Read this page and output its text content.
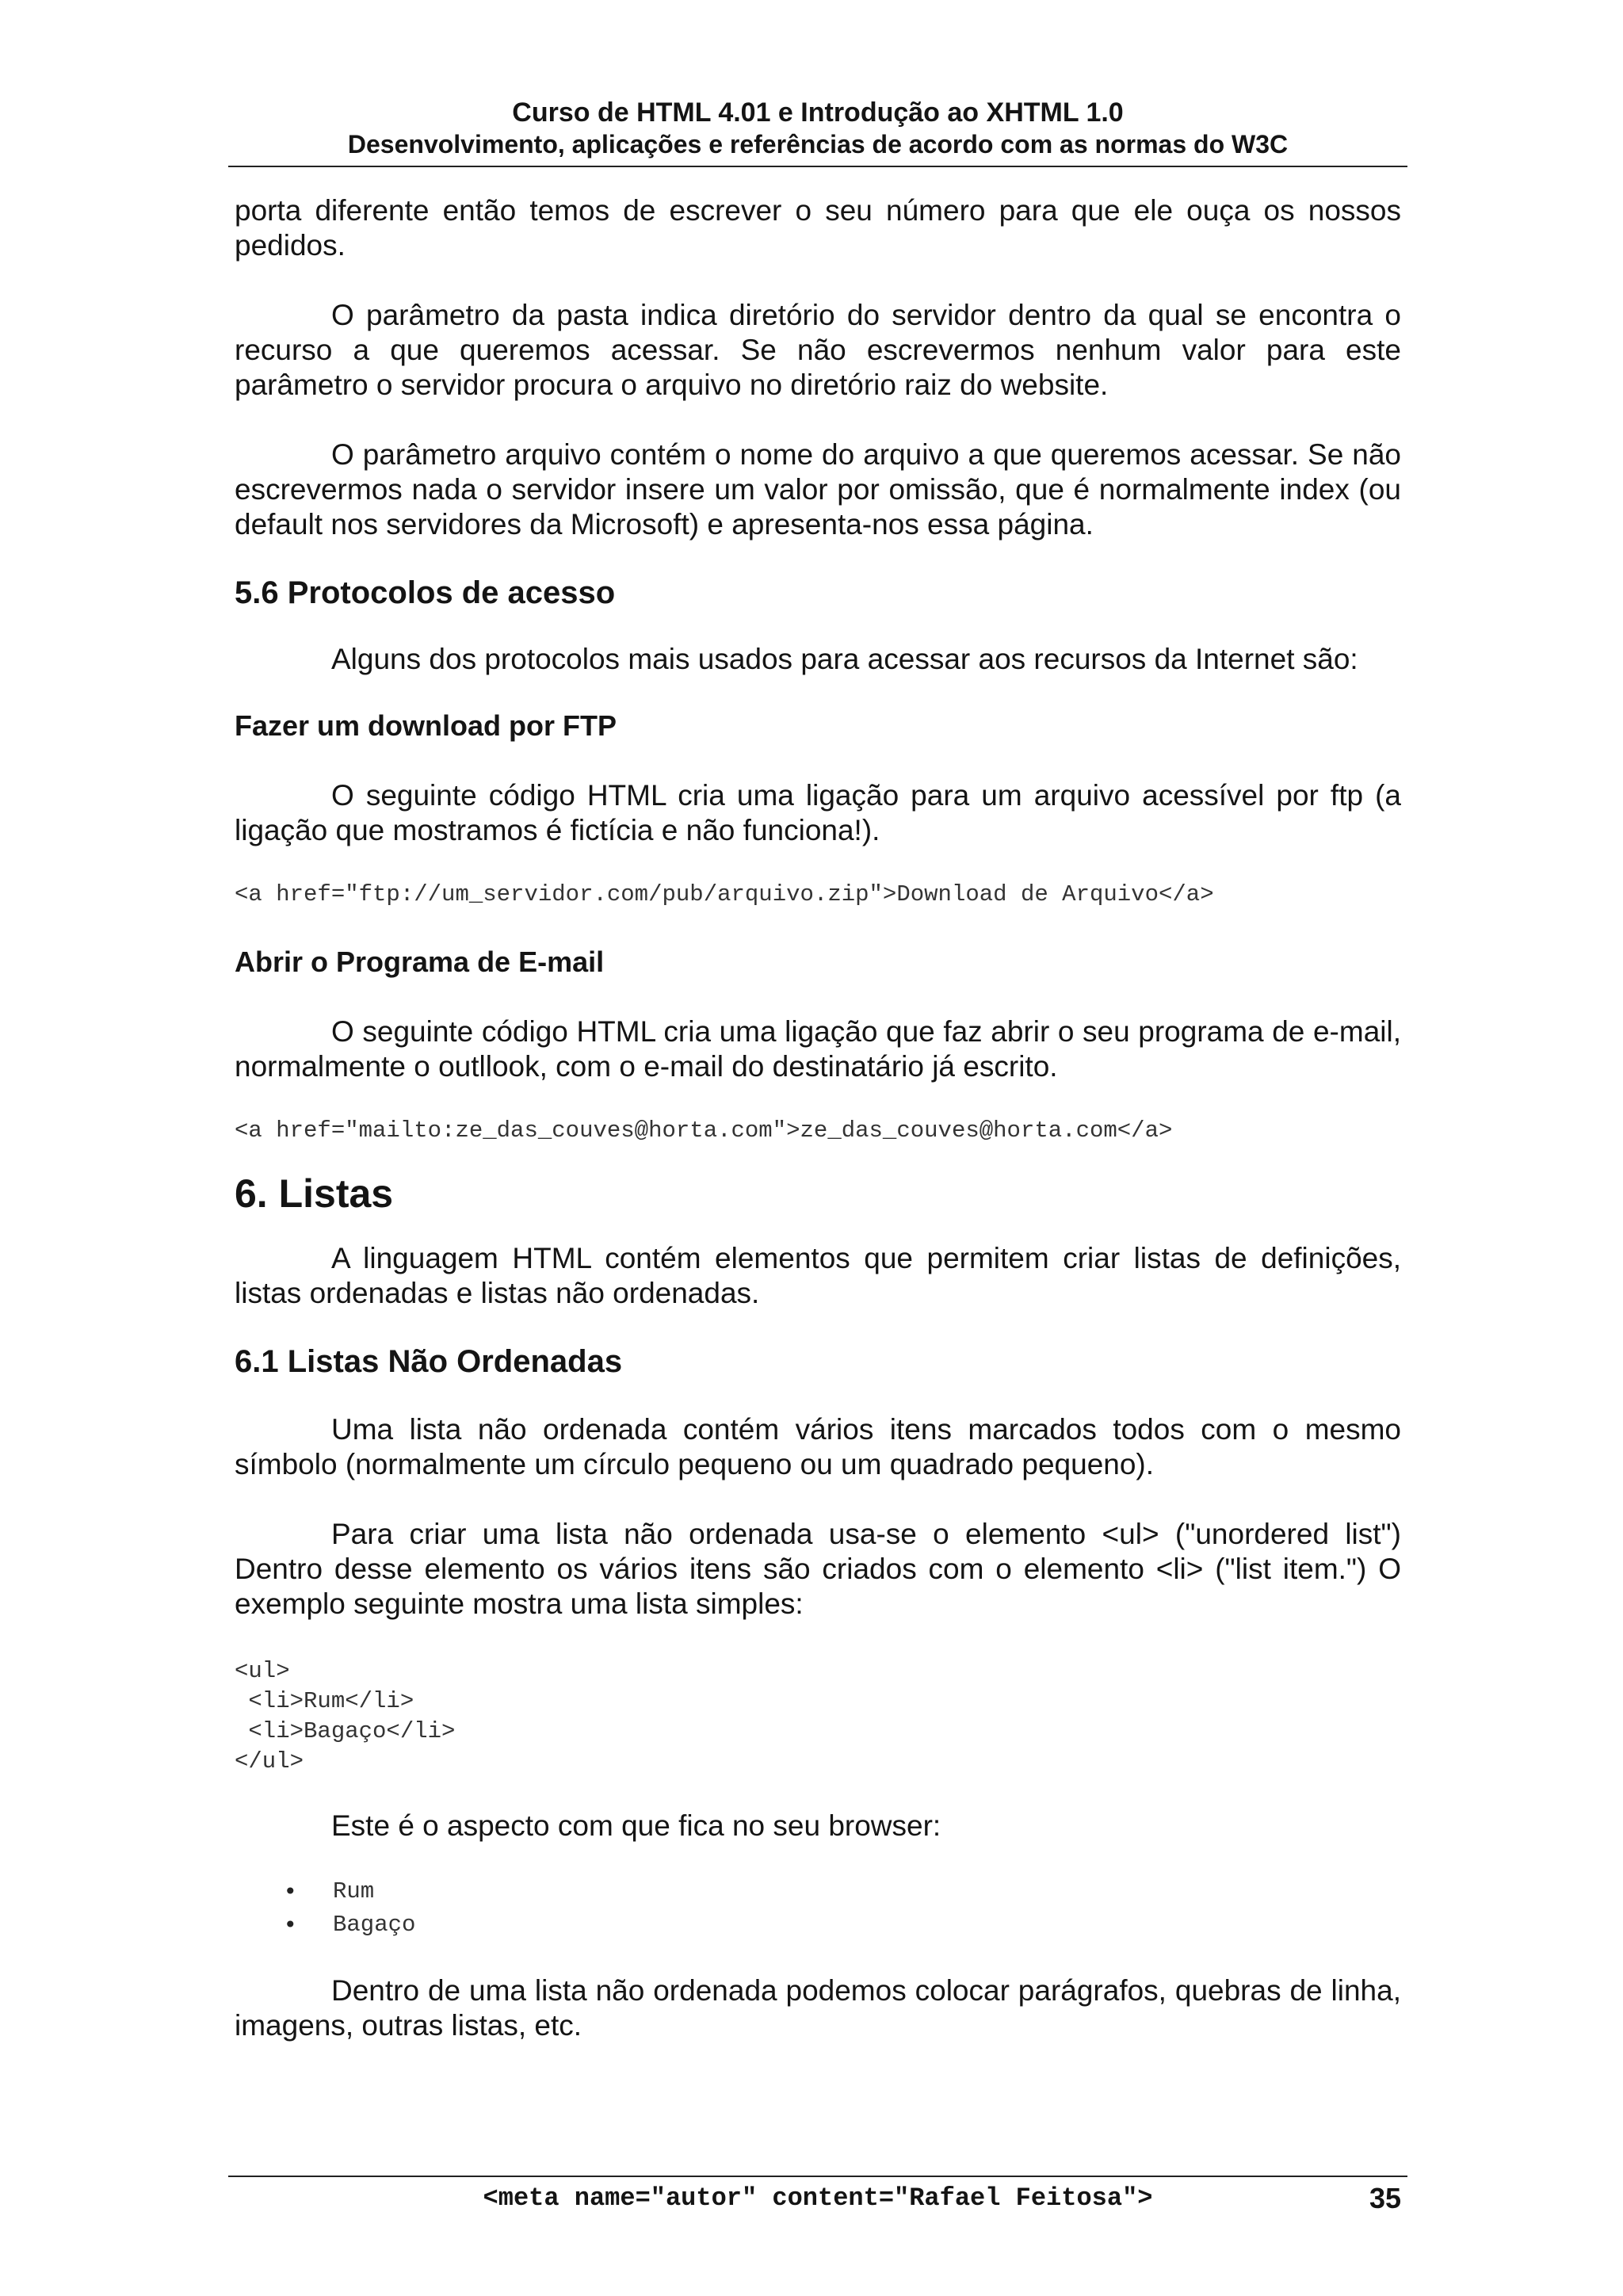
Curso de HTML 4.01 e Introdução ao XHTML 1.0
Desenvolvimento, aplicações e referências de acordo com as normas do W3C

porta diferente então temos de escrever o seu número para que ele ouça os nossos pedidos.

O parâmetro da pasta indica diretório do servidor dentro da qual se encontra o recurso a que queremos acessar. Se não escrevermos nenhum valor para este parâmetro o servidor procura o arquivo no diretório raiz do website.

O parâmetro arquivo contém o nome do arquivo a que queremos acessar. Se não escrevermos nada o servidor insere um valor por omissão, que é normalmente index (ou default nos servidores da Microsoft) e apresenta-nos essa página.

5.6 Protocolos de acesso

Alguns dos protocolos mais usados para acessar aos recursos da Internet são:

Fazer um download por FTP

O seguinte código HTML cria uma ligação para um arquivo acessível por ftp (a ligação que mostramos é fictícia e não funciona!).

<a href="ftp://um_servidor.com/pub/arquivo.zip">Download de Arquivo</a>
Abrir o Programa de E-mail

O seguinte código HTML cria uma ligação que faz abrir o seu programa de e-mail, normalmente o outllook, com o e-mail do destinatário já escrito.

<a href="mailto:ze_das_couves@horta.com">ze_das_couves@horta.com</a>
6. Listas

A linguagem HTML contém elementos que permitem criar listas de definições, listas ordenadas e listas não ordenadas.

6.1 Listas Não Ordenadas

Uma lista não ordenada contém vários itens marcados todos com o mesmo símbolo (normalmente um círculo pequeno ou um quadrado pequeno).

Para criar uma lista não ordenada usa-se o elemento <ul> ("unordered list") Dentro desse elemento os vários itens são criados com o elemento <li> ("list item.") O exemplo seguinte mostra uma lista simples:

<ul>
<li>Rum</li>
<li>Bagaço</li>
</ul>

Este é o aspecto com que fica no seu browser:

• Rum
• Bagaço

Dentro de uma lista não ordenada podemos colocar parágrafos, quebras de linha, imagens, outras listas, etc.

<meta name="autor" content="Rafael Feitosa">	35
